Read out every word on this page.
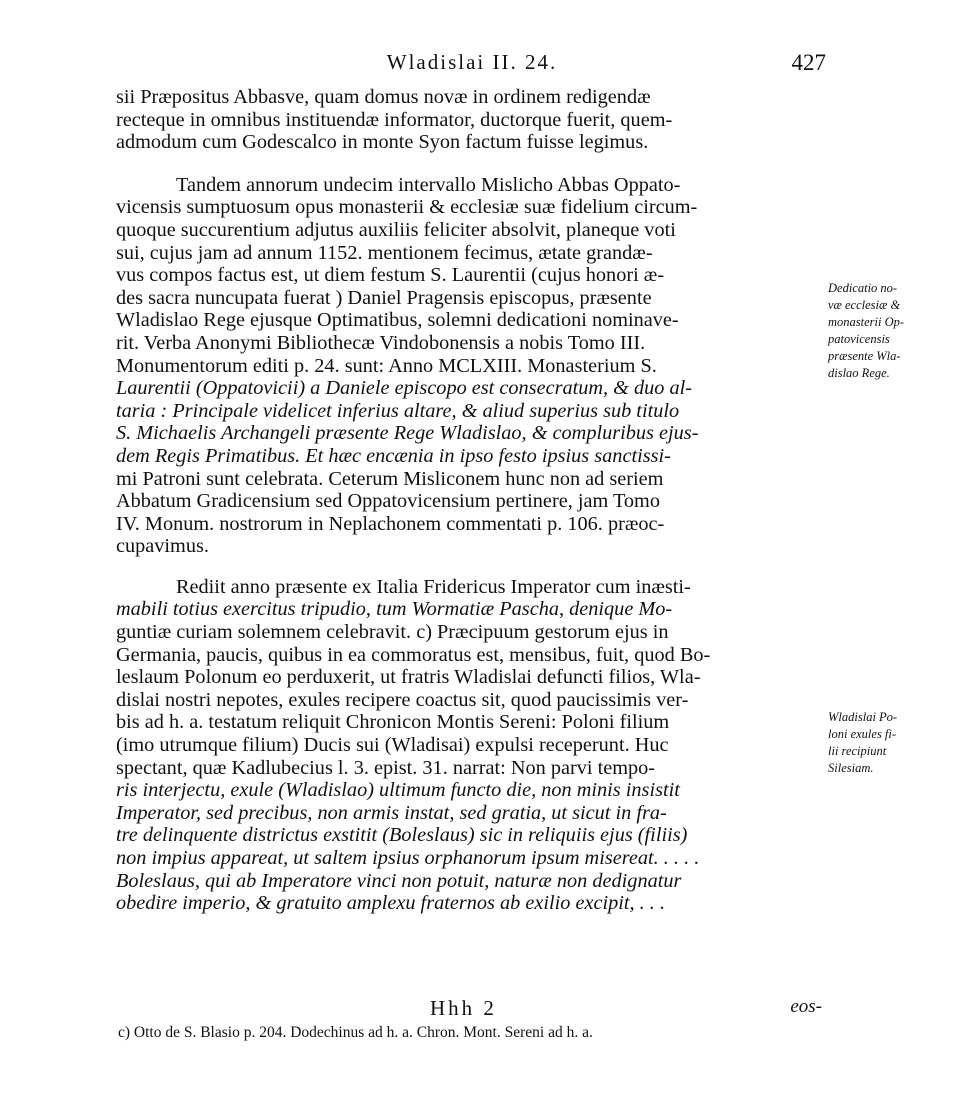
Wladislai II. 24.	427
sii Præpositus Abbasve, quam domus novæ in ordinem redigendæ
recteque in omnibus instituendæ informator, ductorque fuerit, quem-
admodum cum Godescalco in monte Syon factum fuisse legimus.
Tandem annorum undecim intervallo Mislicho Abbas Oppato-
vicensis sumptuosum opus monasterii & ecclesiæ suæ fidelium circum-
quoque succurentium adjutus auxiliis feliciter absolvit, planeque voti
sui, cujus jam ad annum 1152. mentionem fecimus, ætate grandæ-
vus compos factus est, ut diem festum S. Laurentii (cujus honori æ-
des sacra nuncupata fuerat ) Daniel Pragensis episcopus, præsente
Wladislao Rege ejusque Optimatibus, solemni dedicationi nominave-
rit. Verba Anonymi Bibliothecæ Vindobonensis a nobis Tomo III.
Monumentorum editi p. 24. sunt: Anno MCLXIII. Monasterium S.
Laurentii (Oppatovicii) a Daniele episcopo est consecratum, & duo al-
taria : Principale videlicet inferius altare, & aliud superius sub titulo
S. Michaelis Archangeli præsente Rege Wladislao, & compluribus ejus-
dem Regis Primatibus. Et hæc encænia in ipso festo ipsius sanctissi-
mi Patroni sunt celebrata. Ceterum Misliconem hunc non ad seriem
Abbatum Gradicensium sed Oppatovicensium pertinere, jam Tomo
IV. Monum. nostrorum in Neplachonem commentati p. 106. præoc-
cupavimus.
Rediit anno præsente ex Italia Fridericus Imperator cum inæsti-
mabili totius exercitus tripudio, tum Wormatiæ Pascha, denique Mo-
guntiæ curiam solemnem celebravit. c) Præcipuum gestorum ejus in
Germania, paucis, quibus in ea commoratus est, mensibus, fuit, quod Bo-
leslaum Polonum eo perduxerit, ut fratris Wladislai defuncti filios, Wla-
dislai nostri nepotes, exules recipere coactus sit, quod paucissimis ver-
bis ad h. a. testatum reliquit Chronicon Montis Sereni: Poloni filium
(imo utrumque filium) Ducis sui (Wladisai) expulsi receperunt. Huc
spectant, quæ Kadlubecius l. 3. epist. 31. narrat: Non parvi tempo-
ris interjectu, exule (Wladislao) ultimum functo die, non minis insistit
Imperator, sed precibus, non armis instat, sed gratia, ut sicut in fra-
tre delinquente districtus exstitit (Boleslaus) sic in reliquiis ejus (filiis)
non impius appareat, ut saltem ipsius orphanorum ipsum misereat. . . . .
Boleslaus, qui ab Imperatore vinci non potuit, naturæ non dedignatur
obedire imperio, & gratuito amplexu fraternos ab exilio excipit, . . .
Dedicatio no-
væ ecclesiæ &
monasterii Op-
patovicensis
præsente Wla-
dislao Rege.
Wladislai Po-
loni exules fi-
lii recipiunt
Silesiam.
Hhh 2	eos-
c) Otto de S. Blasio p. 204. Dodechinus ad h. a. Chron. Mont. Sereni ad h. a.
